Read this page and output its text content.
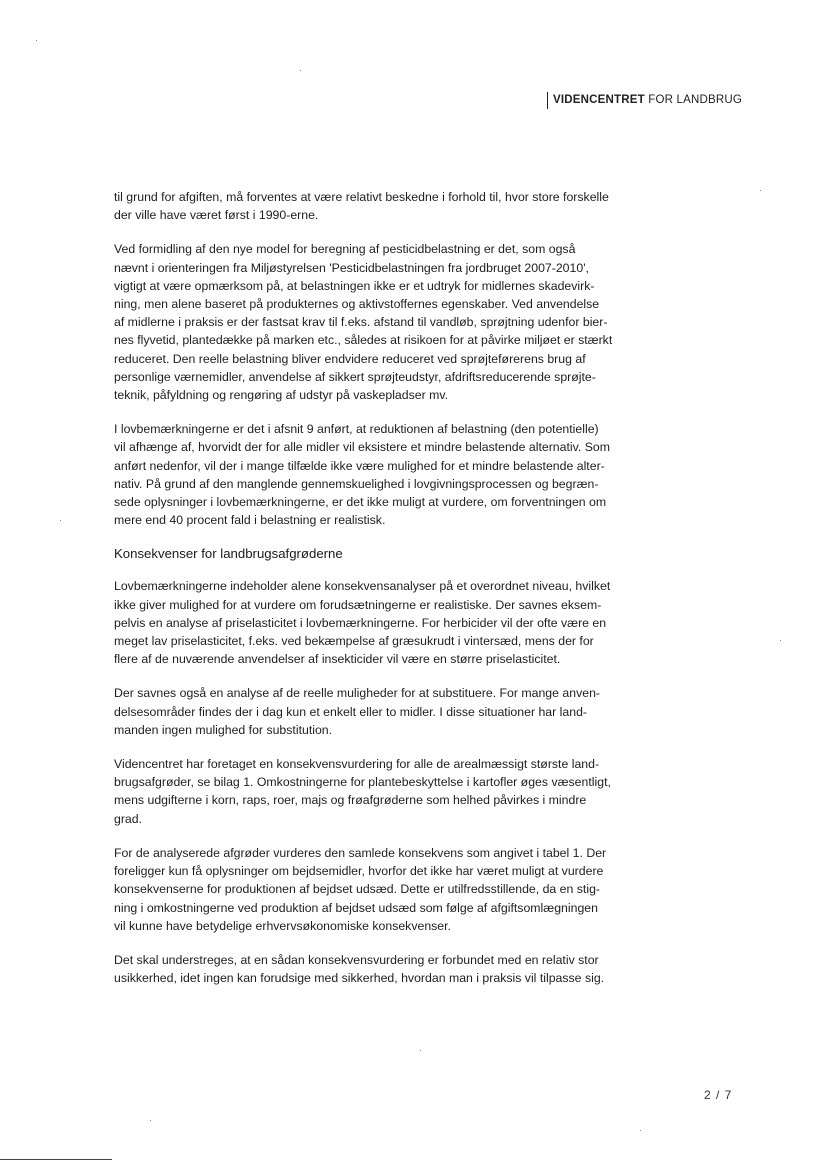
VIDENCENTRET FOR LANDBRUG

til grund for afgiften, må forventes at være relativt beskedne i forhold til, hvor store forskelle
der ville have været først i 1990-erne.

Ved formidling af den nye model for beregning af pesticidbelastning er det, som også
nævnt i orienteringen fra Miljøstyrelsen 'Pesticidbelastningen fra jordbruget 2007-2010',
vigtigt at være opmærksom på, at belastningen ikke er et udtryk for midlernes skadevirk-
ning, men alene baseret på produkternes og aktivstoffernes egenskaber. Ved anvendelse
af midlerne i praksis er der fastsat krav til f.eks. afstand til vandløb, sprøjtning udenfor bier-
nes flyvetid, plantedække på marken etc., således at risikoen for at påvirke miljøet er stærkt
reduceret. Den reelle belastning bliver endvidere reduceret ved sprøjteførerens brug af
personlige værnemidler, anvendelse af sikkert sprøjteudstyr, afdriftsreducerende sprøjte-
teknik, påfyldning og rengøring af udstyr på vaskepladser mv.

I lovbemærkningerne er det i afsnit 9 anført, at reduktionen af belastning (den potentielle)
vil afhænge af, hvorvidt der for alle midler vil eksistere et mindre belastende alternativ. Som
anført nedenfor, vil der i mange tilfælde ikke være mulighed for et mindre belastende alter-
nativ. På grund af den manglende gennemskuelighed i lovgivningsprocessen og begræn-
sede oplysninger i lovbemærkningerne, er det ikke muligt at vurdere, om forventningen om
mere end 40 procent fald i belastning er realistisk.

Konsekvenser for landbrugsafgrøderne

Lovbemærkningerne indeholder alene konsekvensanalyser på et overordnet niveau, hvilket
ikke giver mulighed for at vurdere om forudsætningerne er realistiske. Der savnes eksem-
pelvis en analyse af priselasticitet i lovbemærkningerne. For herbicider vil der ofte være en
meget lav priselasticitet, f.eks. ved bekæmpelse af græsukrudt i vintersæd, mens der for
flere af de nuværende anvendelser af insekticider vil være en større priselasticitet.

Der savnes også en analyse af de reelle muligheder for at substituere. For mange anven-
delsesområder findes der i dag kun et enkelt eller to midler. I disse situationer har land-
manden ingen mulighed for substitution.

Videncentret har foretaget en konsekvensvurdering for alle de arealmæssigt største land-
brugsafgrøder, se bilag 1. Omkostningerne for plantebeskyttelse i kartofler øges væsentligt,
mens udgifterne i korn, raps, roer, majs og frøafgrøderne som helhed påvirkes i mindre
grad.

For de analyserede afgrøder vurderes den samlede konsekvens som angivet i tabel 1. Der
foreligger kun få oplysninger om bejdsemidler, hvorfor det ikke har været muligt at vurdere
konsekvenserne for produktionen af bejdset udsæd. Dette er utilfredsstillende, da en stig-
ning i omkostningerne ved produktion af bejdset udsæd som følge af afgiftsomlægningen
vil kunne have betydelige erhvervsøkonomiske konsekvenser.

Det skal understreges, at en sådan konsekvensvurdering er forbundet med en relativ stor
usikkerhed, idet ingen kan forudsige med sikkerhed, hvordan man i praksis vil tilpasse sig.

2 / 7
